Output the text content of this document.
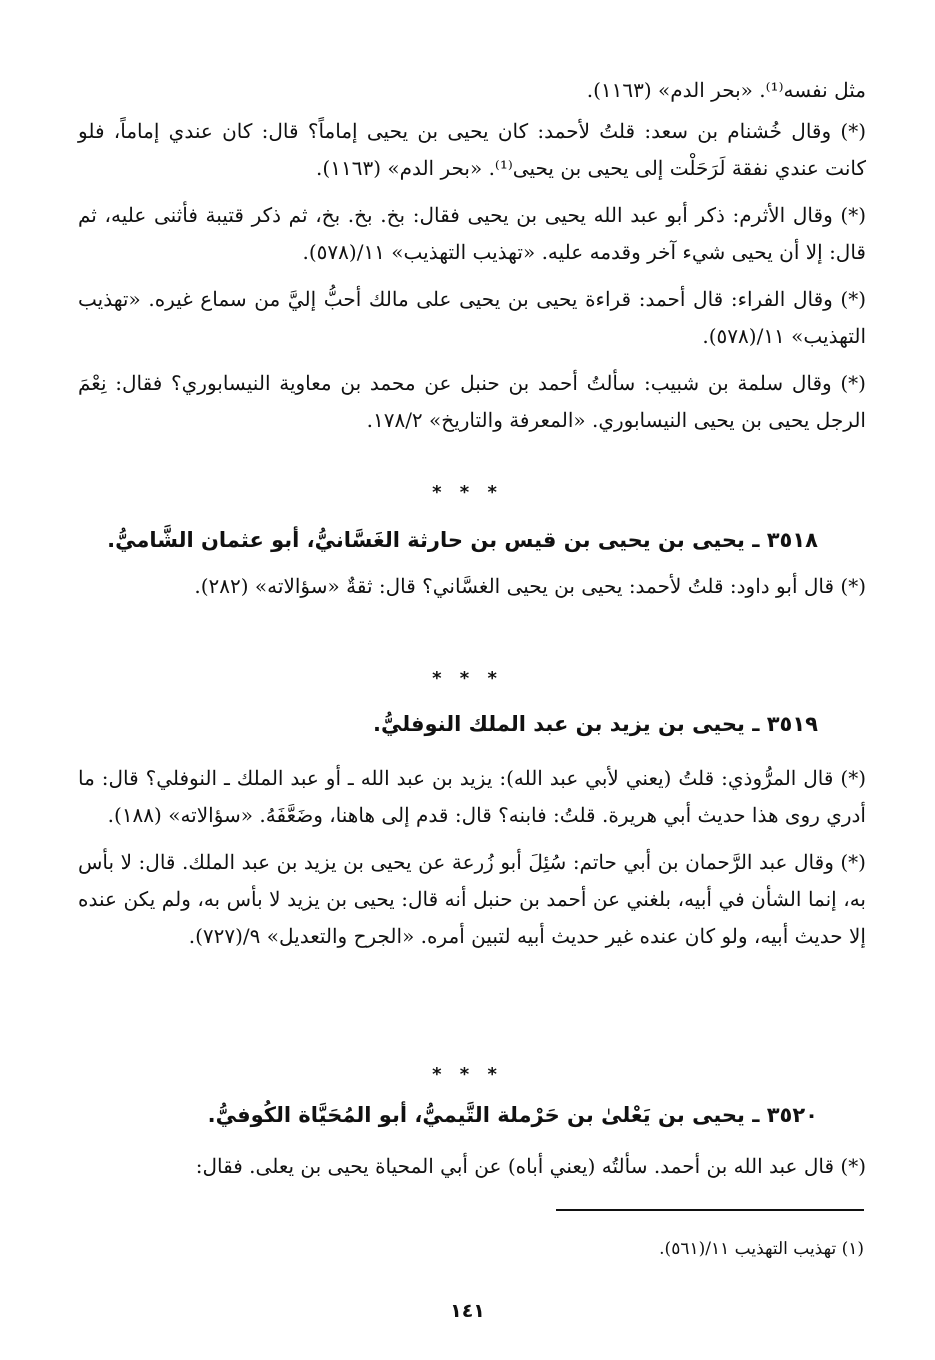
مثل نفسه⁽¹⁾. «بحر الدم» (١١٦٣).

(*) وقال خُشنام بن سعد: قلتُ لأحمد: كان يحيى بن يحيى إماماً؟ قال: كان عندي إماماً، فلو كانت عندي نفقة لَرَحَلْت إلى يحيى بن يحيى⁽¹⁾. «بحر الدم» (١١٦٣).

(*) وقال الأثرم: ذكر أبو عبد الله يحيى بن يحيى فقال: بخ. بخ. بخ، ثم ذكر قتيبة فأثنى عليه، ثم قال: إلا أن يحيى شيء آخر وقدمه عليه. «تهذيب التهذيب» ١١/(٥٧٨).

(*) وقال الفراء: قال أحمد: قراءة يحيى بن يحيى على مالك أحبُّ إليَّ من سماع غيره. «تهذيب التهذيب» ١١/(٥٧٨).

(*) وقال سلمة بن شبيب: سألتُ أحمد بن حنبل عن محمد بن معاوية النيسابوري؟ فقال: نِعْمَ الرجل يحيى بن يحيى النيسابوري. «المعرفة والتاريخ» ١٧٨/٢.

* * *
٣٥١٨ ـ يحيى بن يحيى بن قيس بن حارثة الغَسَّانيُّ، أبو عثمان الشَّاميُّ.

(*) قال أبو داود: قلتُ لأحمد: يحيى بن يحيى الغسَّاني؟ قال: ثقةٌ «سؤالاته» (٢٨٢).

* * *
٣٥١٩ ـ يحيى بن يزيد بن عبد الملك النوفليُّ.

(*) قال المرُّوذي: قلتُ (يعني لأبي عبد الله): يزيد بن عبد الله ـ أو عبد الملك ـ النوفلي؟ قال: ما أدري روى هذا حديث أبي هريرة. قلتُ: فابنه؟ قال: قدم إلى هاهنا، وضَعَّفَهُ. «سؤالاته» (١٨٨).

(*) وقال عبد الرَّحمان بن أبي حاتم: سُئِلَ أبو زُرعة عن يحيى بن يزيد بن عبد الملك. قال: لا بأس به، إنما الشأن في أبيه، بلغني عن أحمد بن حنبل أنه قال: يحيى بن يزيد لا بأس به، ولم يكن عنده إلا حديث أبيه، ولو كان عنده غير حديث أبيه لتبين أمره. «الجرح والتعديل» ٩/(٧٢٧).

* * *
٣٥٢٠ ـ يحيى بن يَعْلىٰ بن حَرْملة التَّيميُّ، أبو المُحَيَّاة الكُوفيُّ.

(*) قال عبد الله بن أحمد. سألتُه (يعني أباه) عن أبي المحياة يحيى بن يعلى. فقال:

(١) تهذيب التهذيب ١١/(٥٦١).
١٤١
